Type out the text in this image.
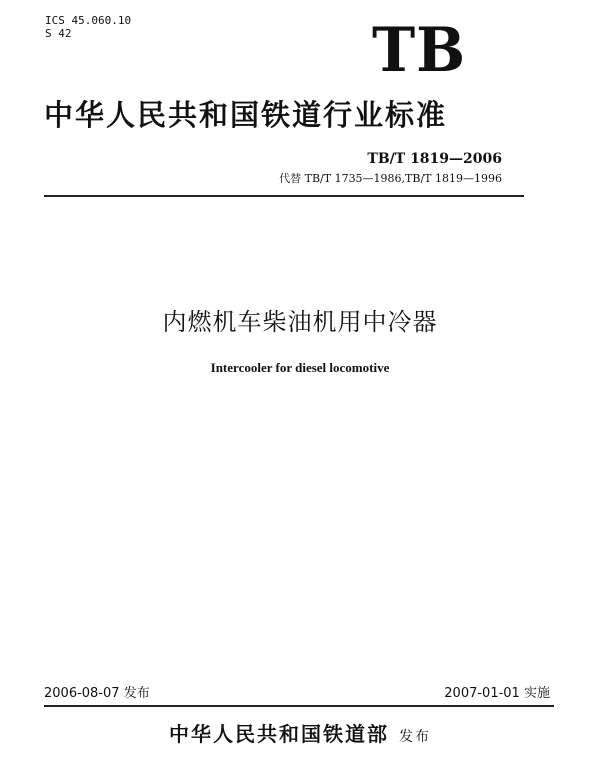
ICS 45.060.10
S 42	TB
中华人民共和国铁道行业标准
TB/T 1819—2006
代替 TB/T 1735—1986,TB/T 1819—1996
内燃机车柴油机用中冷器
Intercooler for diesel locomotive
2006-08-07 发布	2007-01-01 实施
中华人民共和国铁道部 发布
